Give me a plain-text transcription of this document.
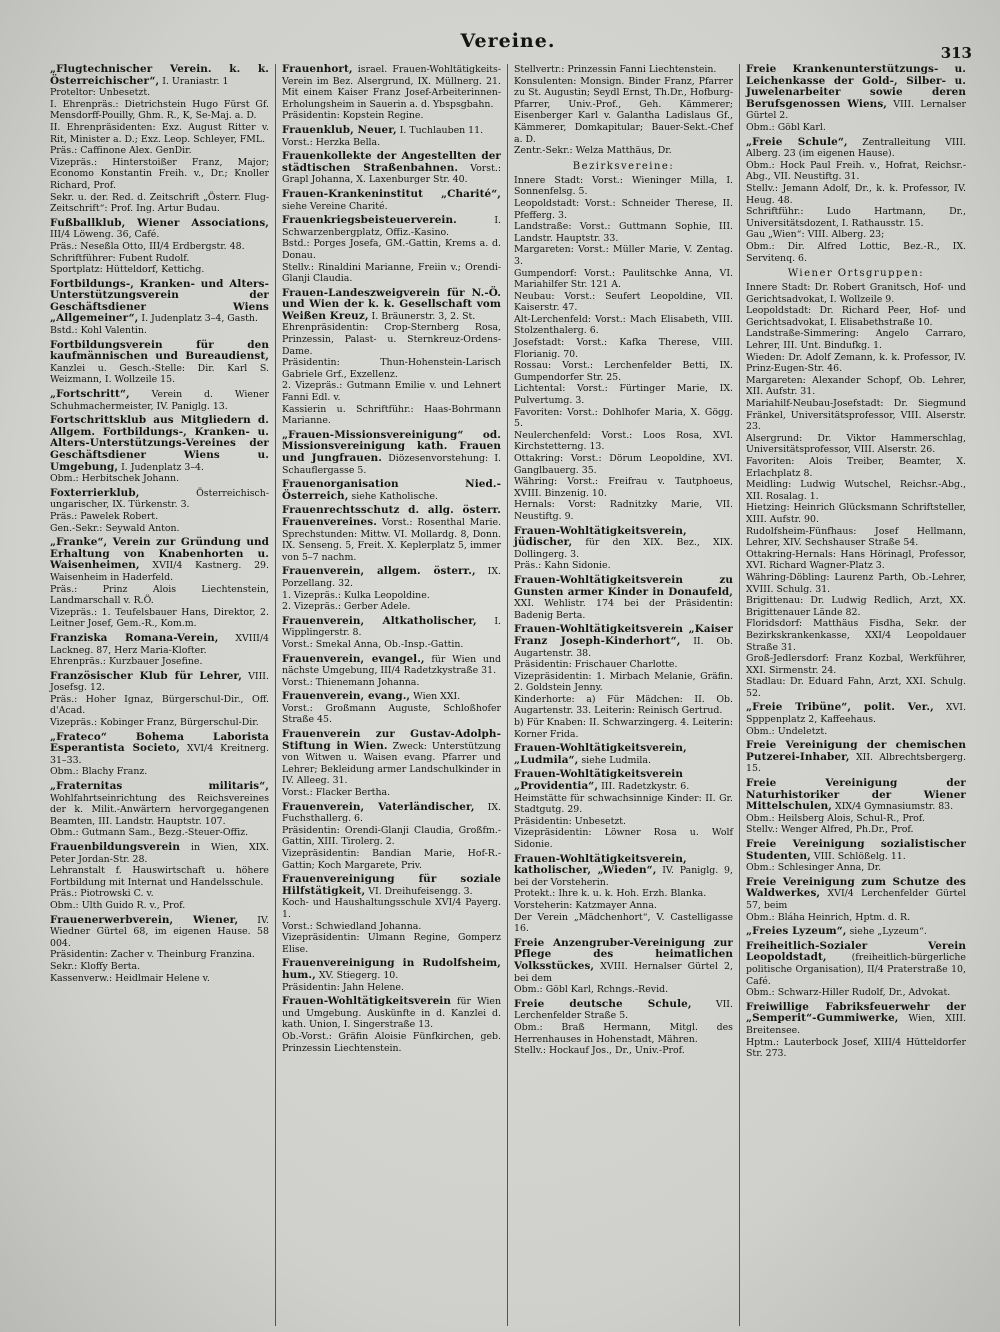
Vereine.
313
„Flugtechnischer Verein. k. k. Österreichischer“, I. Uraniastr. 1
Proteltor: Unbesetzt.
I. Ehrenpräs.: Dietrichstein Hugo Fürst Gf. Mensdorff-Pouilly, Ghm. R., K, Se-Maj. a. D.
II. Ehrenpräsidenten: Exz. August Ritter v. Rit, Minister a. D.; Exz. Leop. Schleyer, FML.
Präs.: Caffinone Alex. GenDir.
Vizepräs.: Hinterstoißer Franz, Major; Economo Konstantin Freih. v., Dr.; Knoller Richard, Prof.
Sekr. u. der. Red. d. Zeitschrift „Österr. Flug-Zeitschrift“: Prof. Ing. Artur Budau.
Fußballklub, Wiener Associations, III/4 Löweng. 36, Café.
Präs.: Neseßla Otto, III/4 Erdbergstr. 48.
Schriftführer: Fubent Rudolf.
Sportplatz: Hütteldorf, Kettichg.
Fortbildungs-, Kranken- und Alters-Unterstützungsverein der Geschäftsdiener Wiens „Allgemeiner“, I. Judenplatz 3–4, Gasth.
Bstd.: Kohl Valentin.
Fortbildungsverein für den kaufmännischen und Bureaudienst, Kanzlei u. Gesch.-Stelle: Dir. Karl S. Weizmann, I. Wollzeile 15.
„Fortschritt“, Verein d. Wiener Schuhmachermeister, IV. Paniglg. 13.
Fortschrittsklub aus Mitgliedern d. Allgem. Fortbildungs-, Kranken- u. Alters-Unterstützungs-Vereines der Geschäftsdiener Wiens u. Umgebung, I. Judenplatz 3–4.
Obm.: Herbitschek Johann.
Foxterrierklub,	Österreichisch-ungarischer, IX. Türkenstr. 3.
Präs.: Pawelek Robert.
Gen.-Sekr.: Seywald Anton.
„Franke“, Verein zur Gründung und Erhaltung von Knabenhorten u. Waisenheimen, XVII/4 Kastnerg. 29. Waisenheim in Haderfeld.
Präs.: Prinz Alois Liechtenstein, Landmarschall v. R.Ö.
Vizepräs.: 1. Teufelsbauer Hans, Direktor, 2. Leitner Josef, Gem.-R., Kom.m.
Franziska Romana-Verein, XVIII/4 Lackneg. 87, Herz Maria-Klofter.
Ehrenpräs.: Kurzbauer Josefine.
Französischer Klub für Lehrer, VIII. Josefsg. 12.
Präs.: Hoher Ignaz, Bürgerschul-Dir., Off. d'Acad.
Vizepräs.: Kobinger Franz, Bürgerschul-Dir.
„Frateco“ Bohema Laborista Esperantista Societo, XVI/4 Kreitnerg. 31–33.
Obm.: Blachy Franz.
„Fraternitas militaris“, Wohlfahrtseinrichtung des Reichsvereines der k. Milit.-Anwärtern hervorgegangenen Beamten, III. Landstr. Hauptstr. 107.
Obm.: Gutmann Sam., Bezg.-Steuer-Offiz.
Frauenbildungsverein in Wien, XIX. Peter Jordan-Str. 28.
Lehranstalt f. Hauswirtschaft u. höhere Fortbildung mit Internat und Handelsschule.
Präs.: Piotrowski C. v.
Obm.: Ulth Guido R. v., Prof.
Frauenerwerbverein, Wiener, IV. Wiedner Gürtel 68, im eigenen Hause. 58 004.
Präsidentin: Zacher v. Theinburg Franzina.
Sekr.: Kloffy Berta.
Kassenverw.: Heidlmair Helene v.
Frauenhort, israel. Frauen-Wohltätigkeits-Verein im Bez. Alsergrund, IX. Müllnerg. 21. Mit einem Kaiser Franz Josef-Arbeiterinnen-Erholungsheim in Sauerin a. d. Ybspsgbahn.
Präsidentin: Kopstein Regine.
Frauenklub, Neuer, I. Tuchlauben 11.
Vorst.: Herzka Bella.
Frauenkollekte der Angestellten der städtischen Straßenbahnen. Vorst.: Grapl Johanna, X. Laxenburger Str. 40.
Frauen-Krankeninstitut „Charité“, siehe Vereine Charité.
Frauenkriegsbeisteuerverein.	I. Schwarzenbergplatz, Offiz.-Kasino.
Bstd.: Porges Josefa, GM.-Gattin, Krems a. d. Donau.
Stellv.: Rinaldini Marianne, Freiin v.; Orendi-Glanji Claudia.
Frauen-Landeszweigverein für N.-Ö. und Wien der k. k. Gesellschaft vom Weißen Kreuz, I. Bräunerstr. 3, 2. St.
Ehrenpräsidentin: Crop-Sternberg Rosa, Prinzessin, Palast- u. Sternkreuz-Ordens-Dame.
Präsidentin: Thun-Hohenstein-Larisch Gabriele Grf., Exzellenz.
2. Vizepräs.: Gutmann Emilie v. und Lehnert Fanni Edl. v.
Kassierin u. Schriftführ.: Haas-Bohrmann Marianne.
„Frauen-Missionsvereinigung“ od. Missionsvereinigung kath. Frauen und Jungfrauen. Diözesenvorstehung: I. Schauflergasse 5.
Frauenorganisation Nied.-Österreich, siehe Katholische.
Frauenrechtsschutz d. allg. österr. Frauenvereines. Vorst.: Rosenthal Marie. Sprechstunden: Mittw. VI. Mollardg. 8, Donn. IX. Senseng. 5, Freit. X. Keplerplatz 5, immer von 5–7 nachm.
Frauenverein, allgem. österr., IX. Porzellang. 32.
1. Vizepräs.: Kulka Leopoldine.
2. Vizepräs.: Gerber Adele.
Frauenverein, Altkatholischer, I. Wipplingerstr. 8.
Vorst.: Smekal Anna, Ob.-Insp.-Gattin.
Frauenverein, evangel., für Wien und nächste Umgebung, III/4 Radetzkystraße 31.
Vorst.: Thienemann Johanna.
Frauenverein, evang., Wien XXI.
Vorst.: Großmann Auguste, Schloßhofer Straße 45.
Frauenverein zur Gustav-Adolph-Stiftung in Wien. Zweck: Unterstützung von Witwen u. Waisen evang. Pfarrer und Lehrer; Bekleidung armer Landschulkinder in IV. Alleeg. 31.
Vorst.: Flacker Bertha.
Frauenverein, Vaterländischer, IX. Fuchsthallerg. 6.
Präsidentin: Orendi-Glanji Claudia, Großfm.-Gattin, XIII. Tirolerg. 2.
Vizepräsidentin: Bandian Marie, Hof-R.-Gattin; Koch Margarete, Priv.
Frauenvereinigung für soziale Hilfstätigkeit, VI. Dreihufeisengg. 3.
Koch- und Haushaltungsschule XVI/4 Payerg. 1.
Vorst.: Schwiedland Johanna.
Vizepräsidentin: Ulmann Regine, Gomperz Elise.
Frauenvereinigung in Rudolfsheim, hum., XV. Stiegerg. 10.
Präsidentin: Jahn Helene.
Frauen-Wohltätigkeitsverein für Wien und Umgebung. Auskünfte in d. Kanzlei d. kath. Union, I. Singerstraße 13.
Ob.-Vorst.: Gräfin Aloisie Fünfkirchen, geb. Prinzessin Liechtenstein.
Stellvertr.: Prinzessin Fanni Liechtenstein.
Konsulenten: Monsign. Binder Franz, Pfarrer zu St. Augustin; Seydl Ernst, Th.Dr., Hofburg-Pfarrer, Univ.-Prof., Geh. Kämmerer; Eisenberger Karl v. Galantha Ladislaus Gf., Kämmerer, Domkapitular; Bauer-Sekt.-Chef a. D.
Zentr.-Sekr.: Welza Matthäus, Dr.
Bezirksvereine:
Innere Stadt: Vorst.: Wieninger Milla, I. Sonnenfelsg. 5.
Leopoldstadt: Vorst.: Schneider Therese, II. Pfefferg. 3.
Landstraße: Vorst.: Guttmann Sophie, III. Landstr. Hauptstr. 33.
Margareten: Vorst.: Müller Marie, V. Zentag. 3.
Gumpendorf: Vorst.: Paulitschke Anna, VI. Mariahilfer Str. 121 A.
Neubau: Vorst.: Seufert Leopoldine, VII. Kaiserstr. 47.
Alt-Lerchenfeld: Vorst.: Mach Elisabeth, VIII. Stolzenthalerg. 6.
Josefstadt: Vorst.: Kafka Therese, VIII. Florianig. 70.
Rossau: Vorst.: Lerchenfelder Betti, IX. Gumpendorfer Str. 25.
Lichtental: Vorst.: Fürtinger Marie, IX. Pulvertumg. 3.
Favoriten: Vorst.: Dohlhofer Maria, X. Gögg. 5.
Neulerchenfeld: Vorst.: Loos Rosa, XVI. Kirchstetterng. 13.
Ottakring: Vorst.: Dörum Leopoldine, XVI. Ganglbauerg. 35.
Währing: Vorst.: Freifrau v. Tautphoeus, XVIII. Binzenig. 10.
Hernals: Vorst: Radnitzky Marie, VII. Neustiftg. 9.
Frauen-Wohltätigkeitsverein, jüdischer, für den XIX. Bez., XIX. Dollingerg. 3.
Präs.: Kahn Sidonie.
Frauen-Wohltätigkeitsverein zu Gunsten armer Kinder in Donaufeld, XXI. Wehlistr. 174 bei der Präsidentin: Badenig Berta.
Frauen-Wohltätigkeitsverein „Kaiser Franz Joseph-Kinderhort“, II. Ob. Augartenstr. 38.
Präsidentin: Frischauer Charlotte.
Vizepräsidentin: 1. Mirbach Melanie, Gräfin. 2. Goldstein Jenny.
Kinderhorte: a) Für Mädchen: II. Ob. Augartenstr. 33. Leiterin: Reinisch Gertrud.
b) Für Knaben: II. Schwarzingerg. 4. Leiterin: Korner Frida.
Frauen-Wohltätigkeitsverein, „Ludmila“, siehe Ludmila.
Frauen-Wohltätigkeitsverein „Providentia“, III. Radetzkystr. 6.
Heimstätte für schwachsinnige Kinder: II. Gr. Stadtgutg. 29.
Präsidentin: Unbesetzt.
Vizepräsidentin: Löwner Rosa u. Wolf Sidonie.
Frauen-Wohltätigkeitsverein, katholischer, „Wieden“, IV. Paniglg. 9, bei der Vorsteherin.
Protekt.: Ihre k. u. k. Hoh. Erzh. Blanka.
Vorsteherin: Katzmayer Anna.
Der Verein „Mädchenhort“, V. Castelligasse 16.
Freie Anzengruber-Vereinigung zur Pflege des heimatlichen Volksstückes, XVIII. Hernalser Gürtel 2, bei dem
Obm.: Göbl Karl, Rchngs.-Revid.
Freie deutsche Schule,	VII. Lerchenfelder Straße 5.
Obm.: Braß Hermann, Mitgl. des Herrenhauses in Hohenstadt, Mähren.
Stellv.: Hockauf Jos., Dr., Univ.-Prof.
Freie Krankenunterstützungs- u. Leichenkasse der Gold-, Silber- u. Juwelenarbeiter sowie deren Berufsgenossen Wiens, VIII. Lernalser Gürtel 2.
Obm.: Göbl Karl.
„Freie Schule“, Zentralleitung VIII. Alberg. 23 (im eigenen Hause).
Obm.: Hock Paul Freih. v., Hofrat, Reichsr.-Abg., VII. Neustiftg. 31.
Stellv.: Jemann Adolf, Dr., k. k. Professor, IV. Heug. 48.
Schriftführ.: Ludo Hartmann, Dr., Universitätsdozent, I. Rathausstr. 15.
Gau „Wien“: VIII. Alberg. 23;
Obm.: Dir. Alfred Lottic, Bez.-R., IX. Servitenq. 6.
Wiener Ortsgruppen:
Innere Stadt: Dr. Robert Granitsch, Hof- und Gerichtsadvokat, I. Wollzeile 9.
Leopoldstadt: Dr. Richard Peer, Hof- und Gerichtsadvokat, I. Elisabethstraße 10.
Landstraße-Simmering: Angelo Carraro, Lehrer, III. Unt. Bindufkg. 1.
Wieden: Dr. Adolf Zemann, k. k. Professor, IV. Prinz-Eugen-Str. 46.
Margareten: Alexander Schopf, Ob. Lehrer, XII. Aufstr. 31.
Mariahilf-Neubau-Josefstadt: Dr. Siegmund Fränkel, Universitätsprofessor, VIII. Alserstr. 23.
Alsergrund: Dr. Viktor Hammerschlag, Universitätsprofessor, VIII. Alserstr. 26.
Favoriten: Alois Treiber, Beamter, X. Erlachplatz 8.
Meidling: Ludwig Wutschel, Reichsr.-Abg., XII. Rosalag. 1.
Hietzing: Heinrich Glücksmann Schriftsteller, XIII. Aufstr. 90.
Rudolfsheim-Fünfhaus: Josef Hellmann, Lehrer, XIV. Sechshauser Straße 54.
Ottakring-Hernals: Hans Hörinagl, Professor, XVI. Richard Wagner-Platz 3.
Währing-Döbling: Laurenz Parth, Ob.-Lehrer, XVIII. Schulg. 31.
Brigittenau: Dr. Ludwig Redlich, Arzt, XX. Brigittenauer Lände 82.
Floridsdorf: Matthäus Fisdha, Sekr. der Bezirkskrankenkasse, XXI/4 Leopoldauer Straße 31.
Groß-Jedlersdorf: Franz Kozbal, Werkführer, XXI. Sirmenstr. 24.
Stadlau: Dr. Eduard Fahn, Arzt, XXI. Schulg. 52.
„Freie Tribüne“, polit. Ver., XVI. Spppenplatz 2, Kaffeehaus.
Obm.: Undeletzt.
Freie Vereinigung der chemischen Putzerei-Inhaber, XII. Albrechtsbergerg. 15.
Freie Vereinigung der Naturhistoriker der Wiener Mittelschulen, XIX/4 Gymnasiumstr. 83.
Obm.: Heilsberg Alois, Schul-R., Prof.
Stellv.: Wenger Alfred, Ph.Dr., Prof.
Freie Vereinigung sozialistischer Studenten, VIII. Schlößelg. 11.
Obm.: Schlesinger Anna, Dr.
Freie Vereinigung zum Schutze des Waldwerkes, XVI/4 Lerchenfelder Gürtel 57, beim
Obm.: Bláha Heinrich, Hptm. d. R.
„Freies Lyzeum“, siehe „Lyzeum“.
Freiheitlich-Sozialer Verein Leopoldstadt,	(freiheitlich-bürgerliche politische Organisation), II/4 Praterstraße 10, Café.
Obm.: Schwarz-Hiller Rudolf, Dr., Advokat.
Freiwillige Fabriksfeuerwehr der „Semperit“-Gummiwerke, Wien, XIII. Breitensee.
Hptm.: Lauterbock Josef, XIII/4 Hütteldorfer Str. 273.
